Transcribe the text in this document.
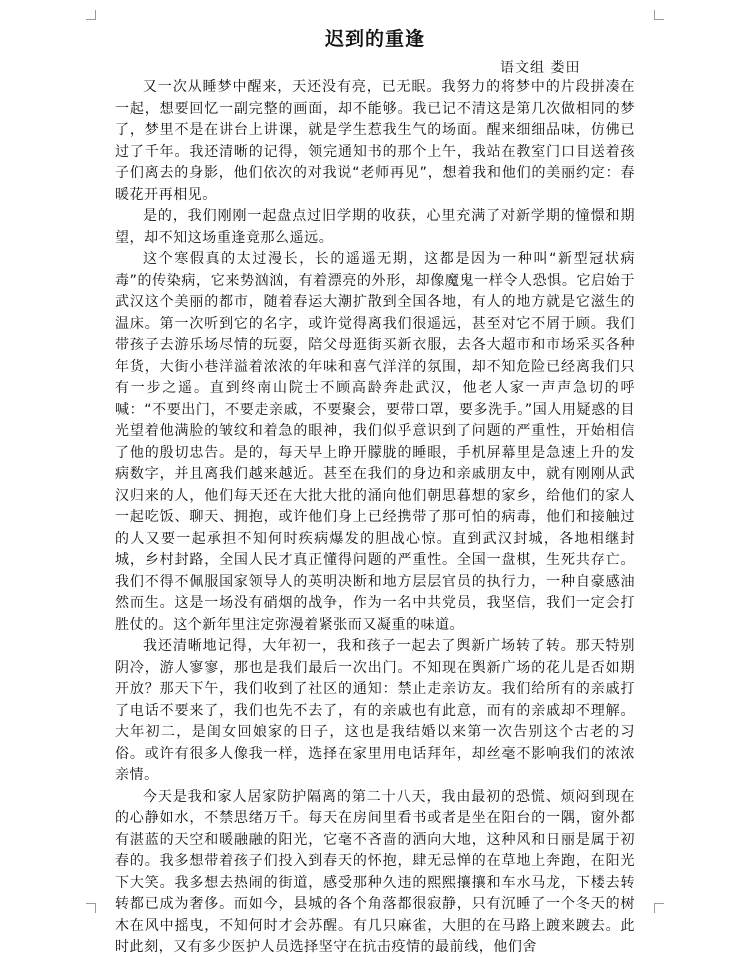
迟到的重逢
语文组 娄田

又一次从睡梦中醒来，天还没有亮，已无眠。我努力的将梦中的片段拼凑在一起，想要回忆一副完整的画面，却不能够。我已记不清这是第几次做相同的梦了，梦里不是在讲台上讲课，就是学生惹我生气的场面。醒来细细品味，仿佛已过了千年。我还清晰的记得，领完通知书的那个上午，我站在教室门口目送着孩子们离去的身影，他们依次的对我说“老师再见”，想着我和他们的美丽约定：春暖花开再相见。

是的，我们刚刚一起盘点过旧学期的收获，心里充满了对新学期的憧憬和期望，却不知这场重逢竟那么遥远。

这个寒假真的太过漫长，长的遥遥无期，这都是因为一种叫“新型冠状病毒”的传染病，它来势汹汹，有着漂亮的外形，却像魔鬼一样令人恐惧。它启始于武汉这个美丽的都市，随着春运大潮扩散到全国各地，有人的地方就是它滋生的温床。第一次听到它的名字，或许觉得离我们很遥远，甚至对它不屑于顾。我们带孩子去游乐场尽情的玩耍，陪父母逛街买新衣服，去各大超市和市场采买各种年货，大街小巷洋溢着浓浓的年味和喜气洋洋的氛围，却不知危险已经离我们只有一步之遥。直到终南山院士不顾高龄奔赴武汉，他老人家一声声急切的呼喊：“不要出门，不要走亲戚，不要聚会，要带口罩，要多洗手。”国人用疑惑的目光望着他满脸的皱纹和着急的眼神，我们似乎意识到了问题的严重性，开始相信了他的殷切忠告。是的，每天早上睁开朦胧的睡眼，手机屏幕里是急速上升的发病数字，并且离我们越来越近。甚至在我们的身边和亲戚朋友中，就有刚刚从武汉归来的人，他们每天还在大批大批的涌向他们朝思暮想的家乡，给他们的家人一起吃饭、聊天、拥抱，或许他们身上已经携带了那可怕的病毒，他们和接触过的人又要一起承担不知何时疾病爆发的胆战心惊。直到武汉封城，各地相继封城，乡村封路，全国人民才真正懂得问题的严重性。全国一盘棋，生死共存亡。我们不得不佩服国家领导人的英明决断和地方层层官员的执行力，一种自豪感油然而生。这是一场没有硝烟的战争，作为一名中共党员，我坚信，我们一定会打胜仗的。这个新年里注定弥漫着紧张而又凝重的味道。

我还清晰地记得，大年初一，我和孩子一起去了舆新广场转了转。那天特别阴冷，游人寥寥，那也是我们最后一次出门。不知现在舆新广场的花儿是否如期开放？那天下午，我们收到了社区的通知：禁止走亲访友。我们给所有的亲戚打了电话不要来了，我们也先不去了，有的亲戚也有此意，而有的亲戚却不理解。大年初二，是闺女回娘家的日子，这也是我结婚以来第一次告别这个古老的习俗。或许有很多人像我一样，选择在家里用电话拜年，却丝毫不影响我们的浓浓亲情。

今天是我和家人居家防护隔离的第二十八天，我由最初的恐慌、烦闷到现在的心静如水，不禁思绪万千。每天在房间里看书或者是坐在阳台的一隅，窗外都有湛蓝的天空和暖融融的阳光，它毫不吝啬的洒向大地，这种风和日丽是属于初春的。我多想带着孩子们投入到春天的怀抱，肆无忌惮的在草地上奔跑，在阳光下大笑。我多想去热闹的街道，感受那种久违的熙熙攘攘和车水马龙，下楼去转转都已成为奢侈。而如今，县城的各个角落都很寂静，只有沉睡了一个冬天的树木在风中摇曳，不知何时才会苏醒。有几只麻雀，大胆的在马路上踱来踱去。此时此刻，又有多少医护人员选择坚守在抗击疫情的最前线，他们舍
